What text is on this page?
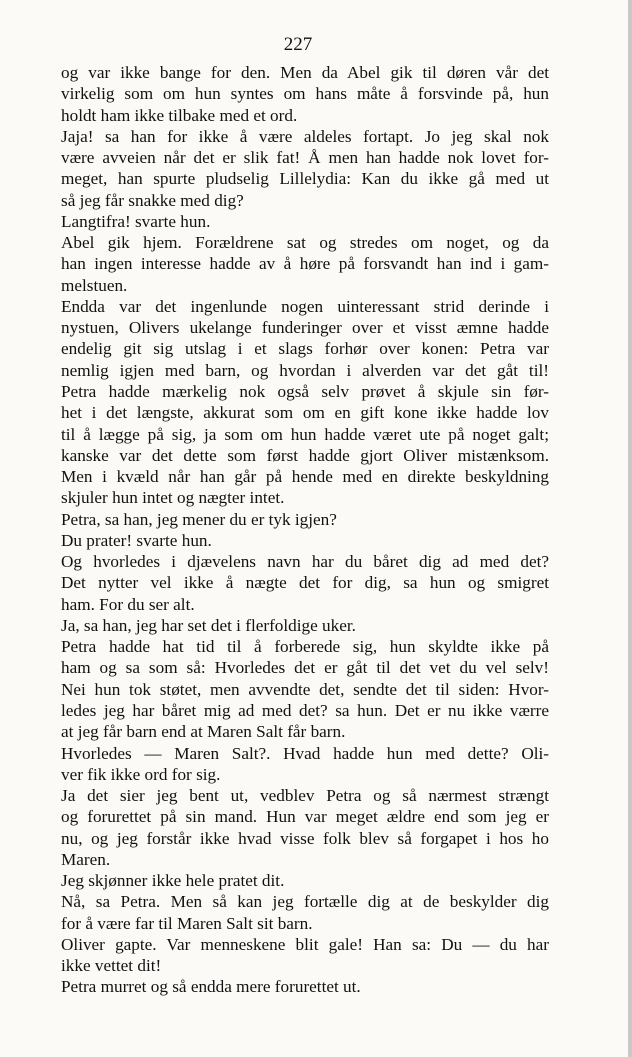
227
og var ikke bange for den. Men da Abel gik til døren vår det
virkelig som om hun syntes om hans måte å forsvinde på, hun
holdt ham ikke tilbake med et ord.
Jaja! sa han for ikke å være aldeles fortapt. Jo jeg skal nok
være avveien når det er slik fat! Å men han hadde nok lovet for-
meget, han spurte pludselig Lillelydia: Kan du ikke gå med ut
så jeg får snakke med dig?
Langtifra! svarte hun.
Abel gik hjem. Forældrene sat og stredes om noget, og da
han ingen interesse hadde av å høre på forsvandt han ind i gam-
melstuen.
Endda var det ingenlunde nogen uinteressant strid derinde i
nystuen, Olivers ukelange funderinger over et visst æmne hadde
endelig git sig utslag i et slags forhør over konen: Petra var
nemlig igjen med barn, og hvordan i alverden var det gåt til!
Petra hadde mærkelig nok også selv prøvet å skjule sin før-
het i det længste, akkurat som om en gift kone ikke hadde lov
til å lægge på sig, ja som om hun hadde været ute på noget galt;
kanske var det dette som først hadde gjort Oliver mistænksom.
Men i kvæld når han går på hende med en direkte beskyldning
skjuler hun intet og nægter intet.
Petra, sa han, jeg mener du er tyk igjen?
Du prater! svarte hun.
Og hvorledes i djævelens navn har du båret dig ad med det?
Det nytter vel ikke å nægte det for dig, sa hun og smigret
ham. For du ser alt.
Ja, sa han, jeg har set det i flerfoldige uker.
Petra hadde hat tid til å forberede sig, hun skyldte ikke på
ham og sa som så: Hvorledes det er gåt til det vet du vel selv!
Nei hun tok støtet, men avvendte det, sendte det til siden: Hvor-
ledes jeg har båret mig ad med det? sa hun. Det er nu ikke værre
at jeg får barn end at Maren Salt får barn.
Hvorledes — Maren Salt?. Hvad hadde hun med dette? Oli-
ver fik ikke ord for sig.
Ja det sier jeg bent ut, vedblev Petra og så nærmest strængt
og forurettet på sin mand. Hun var meget ældre end som jeg er
nu, og jeg forstår ikke hvad visse folk blev så forgapet i hos ho
Maren.
Jeg skjønner ikke hele pratet dit.
Nå, sa Petra. Men så kan jeg fortælle dig at de beskylder dig
for å være far til Maren Salt sit barn.
Oliver gapte. Var menneskene blit gale! Han sa: Du — du har
ikke vettet dit!
Petra murret og så endda mere forurettet ut.
